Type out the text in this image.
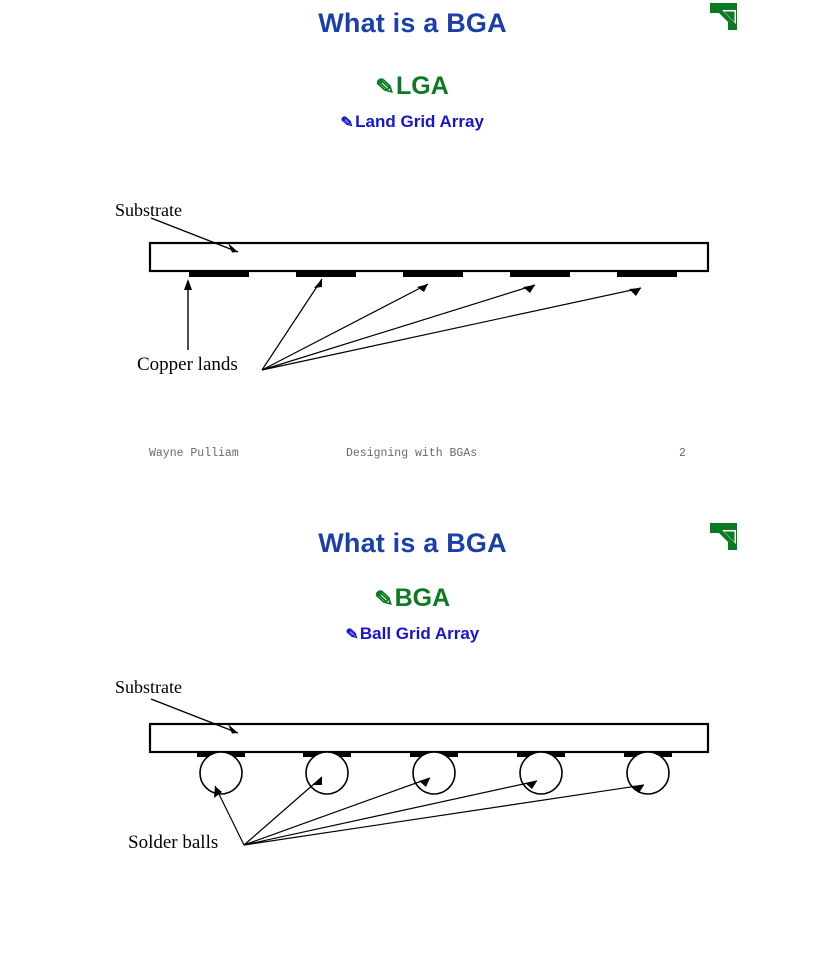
What is a BGA
✎LGA
✎Land Grid Array
Substrate
Copper lands
Wayne Pulliam	Designing with BGAs	2
What is a BGA
✎BGA
✎Ball Grid Array
Substrate
Solder balls
